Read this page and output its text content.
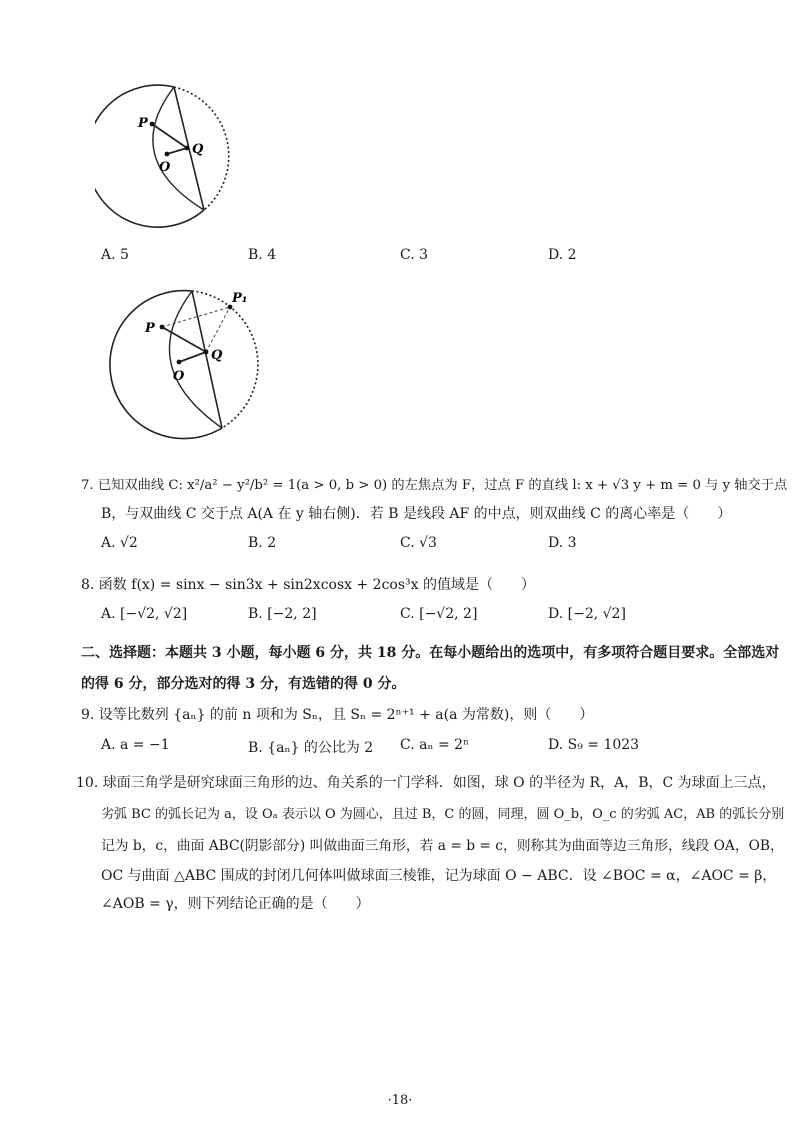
P
Q
O
A. 5	B. 4	C. 3	D. 2
P
Q
O
P₁
7. 已知双曲线 C: x²/a² − y²/b² = 1(a > 0, b > 0) 的左焦点为 F，过点 F 的直线 l: x + √3 y + m = 0 与 y 轴交于点
B，与双曲线 C 交于点 A(A 在 y 轴右侧)．若 B 是线段 AF 的中点，则双曲线 C 的离心率是（　　）
A. √2	B. 2	C. √3	D. 3
8. 函数 f(x) = sinx − sin3x + sin2xcosx + 2cos³x 的值域是（　　）
A. [−√2, √2]	B. [−2, 2]	C. [−√2, 2]	D. [−2, √2]
二、选择题：本题共 3 小题，每小题 6 分，共 18 分。在每小题给出的选项中，有多项符合题目要求。全部选对
的得 6 分，部分选对的得 3 分，有选错的得 0 分。
9. 设等比数列 {aₙ} 的前 n 项和为 Sₙ，且 Sₙ = 2ⁿ⁺¹ + a(a 为常数)，则（　　）
A. a = −1	B. {aₙ} 的公比为 2 C. aₙ = 2ⁿ	D. S₉ = 1023
10. 球面三角学是研究球面三角形的边、角关系的一门学科．如图，球 O 的半径为 R，A，B，C 为球面上三点，
劣弧 BC 的弧长记为 a，设 Oₐ 表示以 O 为圆心，且过 B，C 的圆，同理，圆 O_b，O_c 的劣弧 AC，AB 的弧长分别
记为 b，c，曲面 ABC(阴影部分) 叫做曲面三角形，若 a = b = c，则称其为曲面等边三角形，线段 OA，OB，
OC 与曲面 △ABC 围成的封闭几何体叫做球面三棱锥，记为球面 O − ABC．设 ∠BOC = α，∠AOC = β，
∠AOB = γ，则下列结论正确的是（　　）
·18·
